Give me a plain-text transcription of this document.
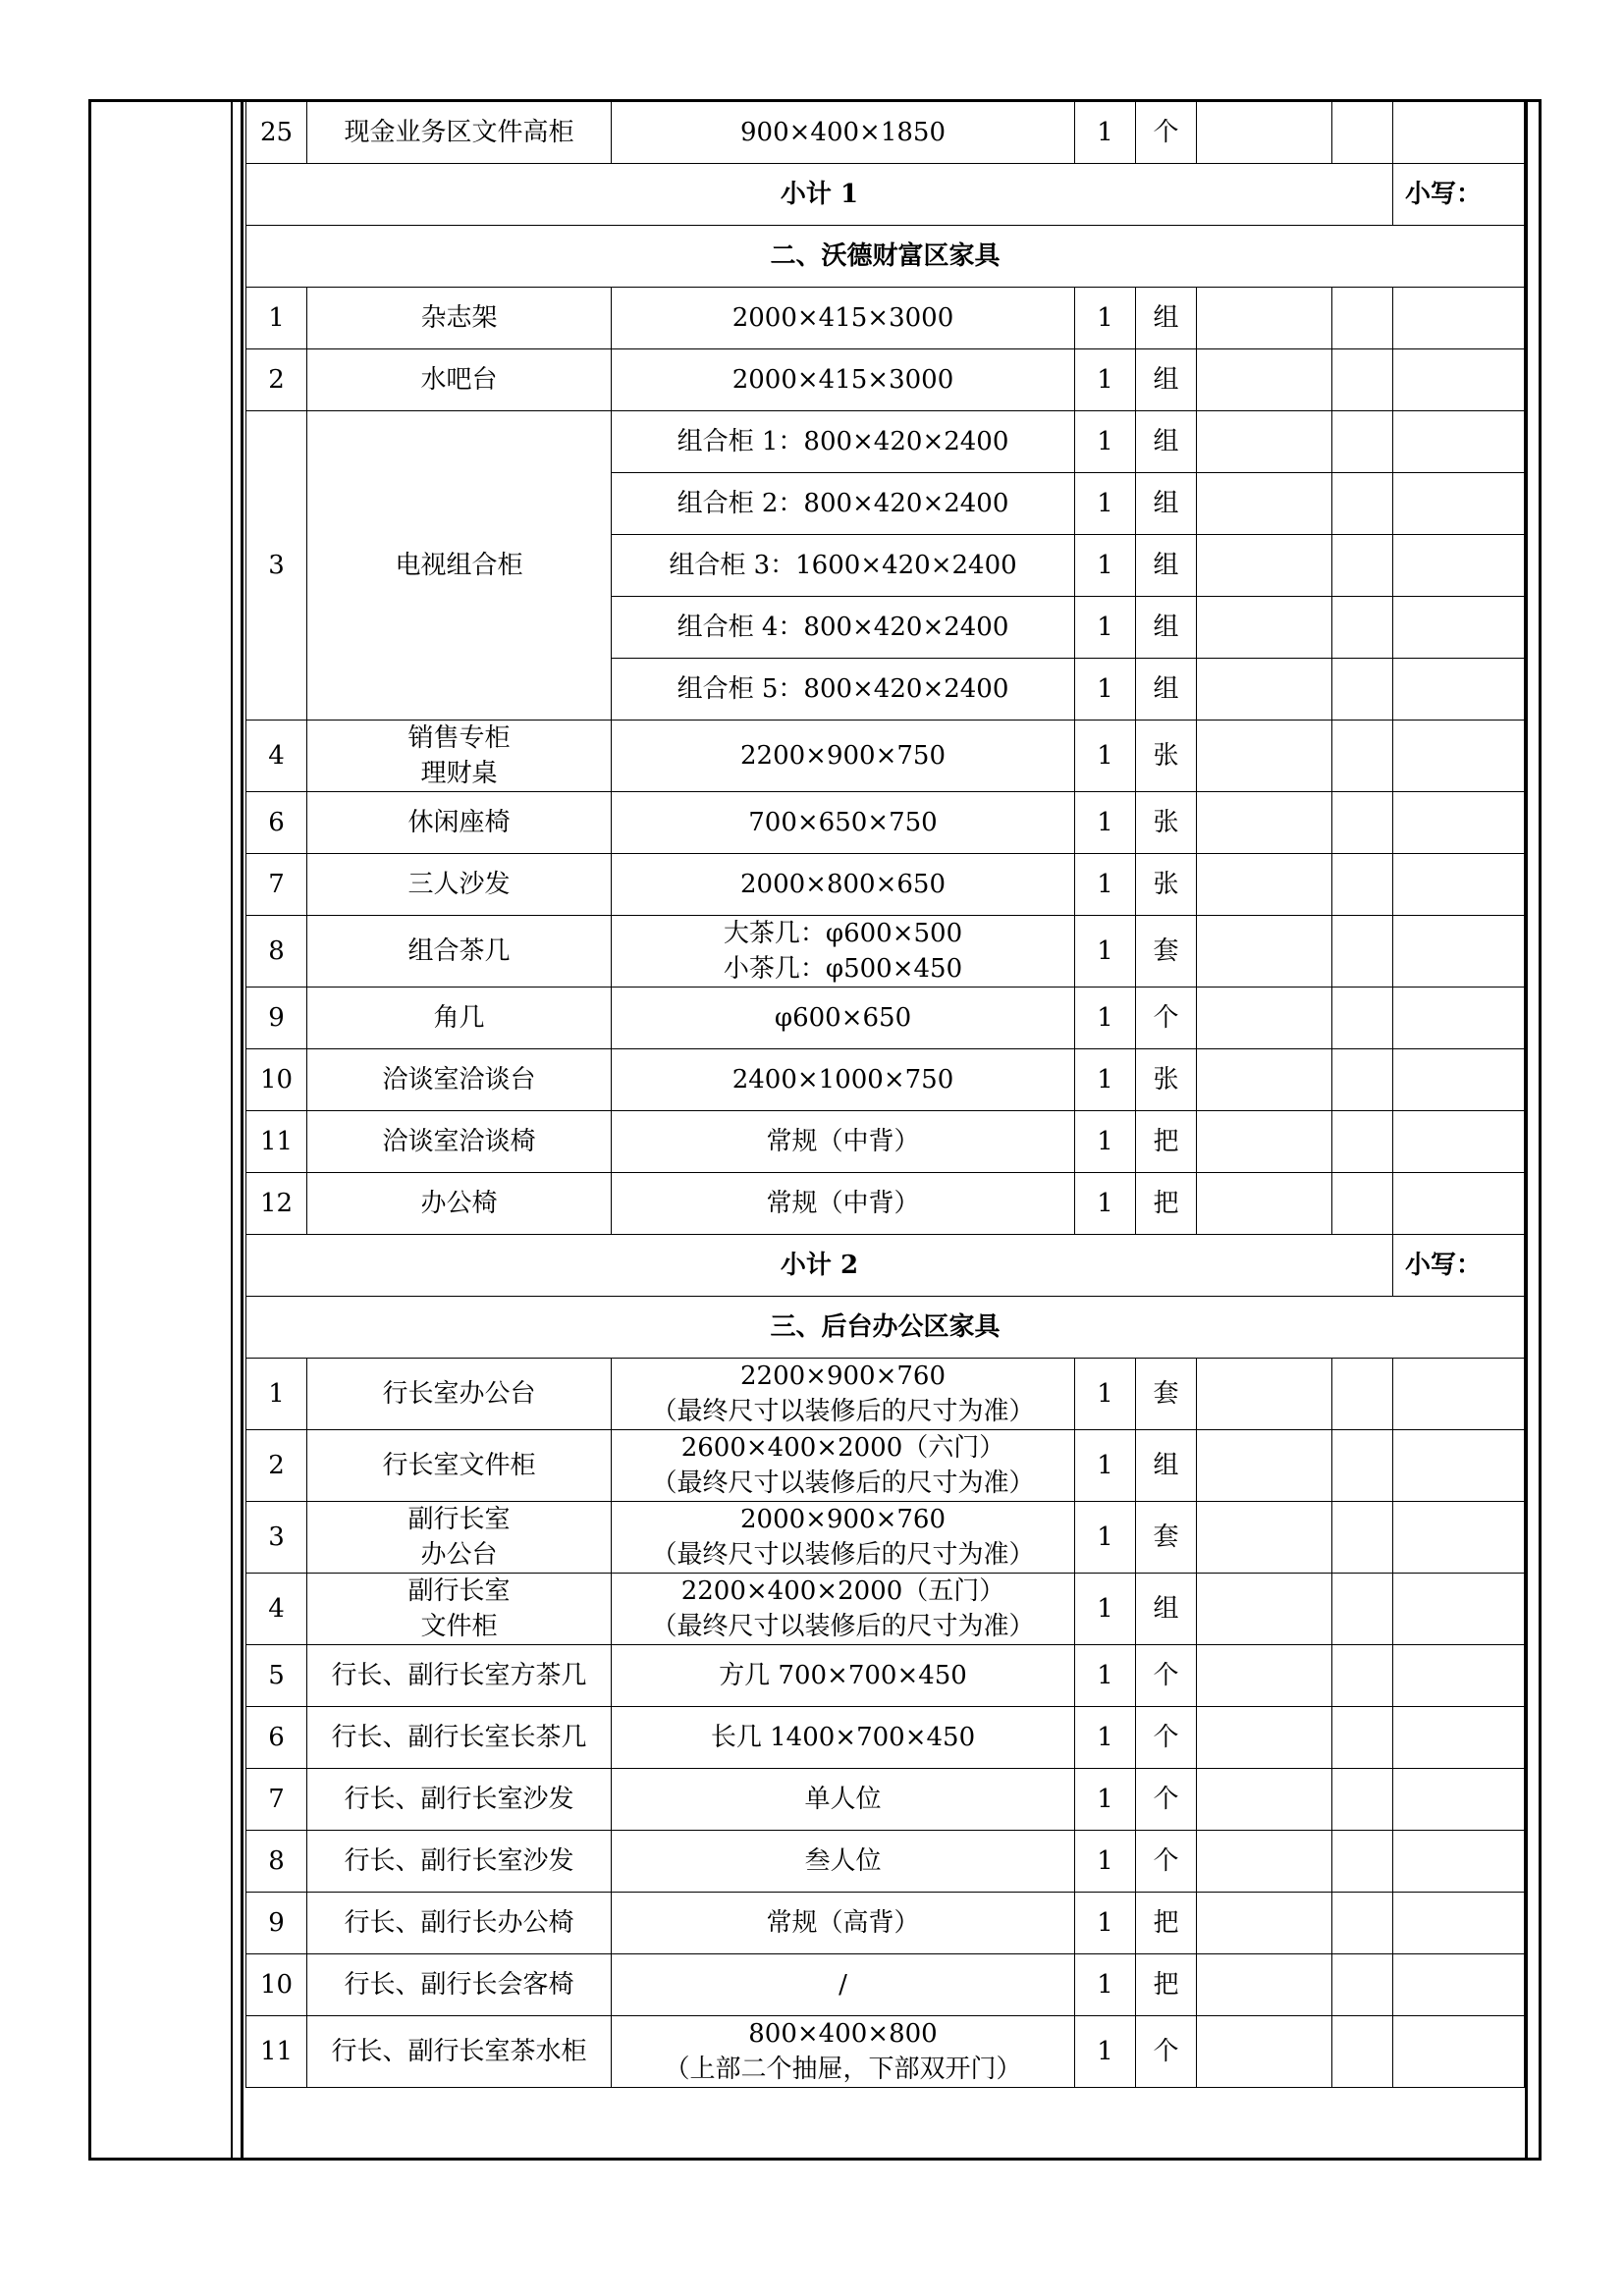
25	现金业务区文件高柜	900×400×1850	1	个			
小计 1							小写：
二、沃德财富区家具							
1	杂志架	2000×415×3000	1	组			
2	水吧台	2000×415×3000	1	组			
3	电视组合柜	组合柜 1：800×420×2400	1	组			
		组合柜 2：800×420×2400	1	组			
		组合柜 3：1600×420×2400	1	组			
		组合柜 4：800×420×2400	1	组			
		组合柜 5：800×420×2400	1	组			
4	销售专柜
理财桌	2200×900×750	1	张			
6	休闲座椅	700×650×750	1	张			
7	三人沙发	2000×800×650	1	张			
8	组合茶几	大茶几：φ600×500
小茶几：φ500×450	1	套			
9	角几	φ600×650	1	个			
10	洽谈室洽谈台	2400×1000×750	1	张			
11	洽谈室洽谈椅	常规（中背）	1	把			
12	办公椅	常规（中背）	1	把			
小计 2							小写：
三、后台办公区家具							
1	行长室办公台	2200×900×760
（最终尺寸以装修后的尺寸为准）	1	套			
2	行长室文件柜	2600×400×2000（六门）
（最终尺寸以装修后的尺寸为准）	1	组			
3	副行长室
办公台	2000×900×760
（最终尺寸以装修后的尺寸为准）	1	套			
4	副行长室
文件柜	2200×400×2000（五门）
（最终尺寸以装修后的尺寸为准）	1	组			
5	行长、副行长室方茶几	方几 700×700×450	1	个			
6	行长、副行长室长茶几	长几 1400×700×450	1	个			
7	行长、副行长室沙发	单人位	1	个			
8	行长、副行长室沙发	叁人位	1	个			
9	行长、副行长办公椅	常规（高背）	1	把			
10	行长、副行长会客椅	/	1	把			
11	行长、副行长室茶水柜	800×400×800
（上部二个抽屉，下部双开门）	1	个			
